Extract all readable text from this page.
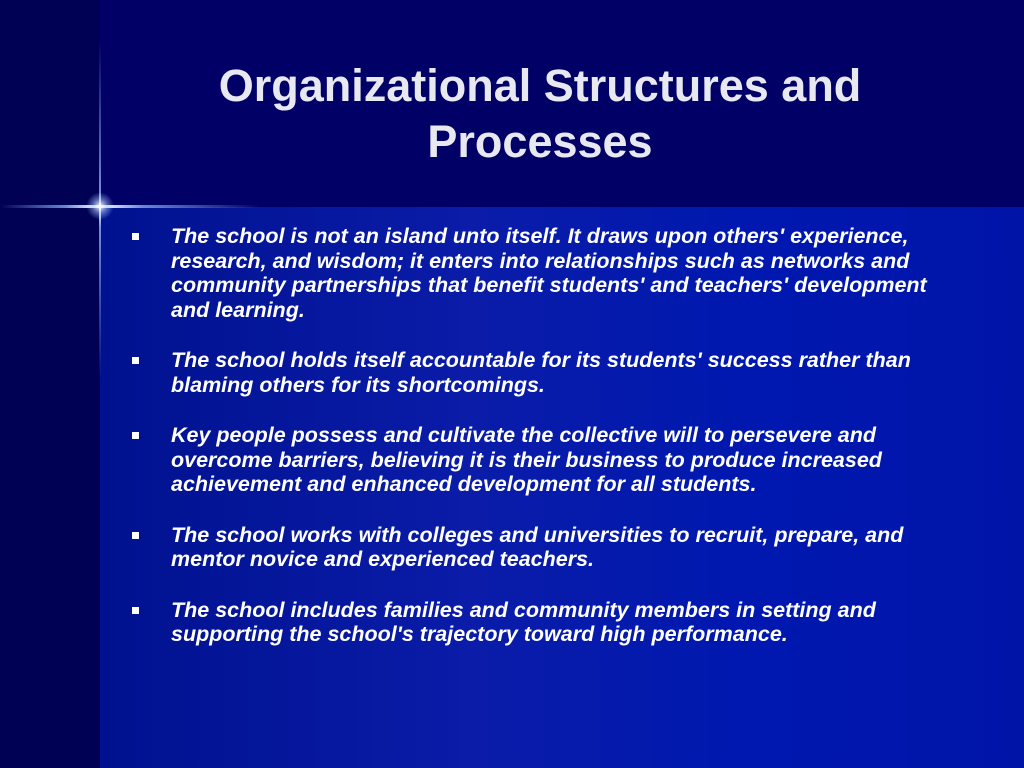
Organizational Structures and
Processes
The school is not an island unto itself. It draws upon others' experience, research, and wisdom; it enters into relationships such as networks and community partnerships that benefit students' and teachers' development and learning.
The school holds itself accountable for its students' success rather than blaming others for its shortcomings.
Key people possess and cultivate the collective will to persevere and overcome barriers, believing it is their business to produce increased achievement and enhanced development for all students.
The school works with colleges and universities to recruit, prepare, and mentor novice and experienced teachers.
The school includes families and community members in setting and supporting the school's trajectory toward high performance.
